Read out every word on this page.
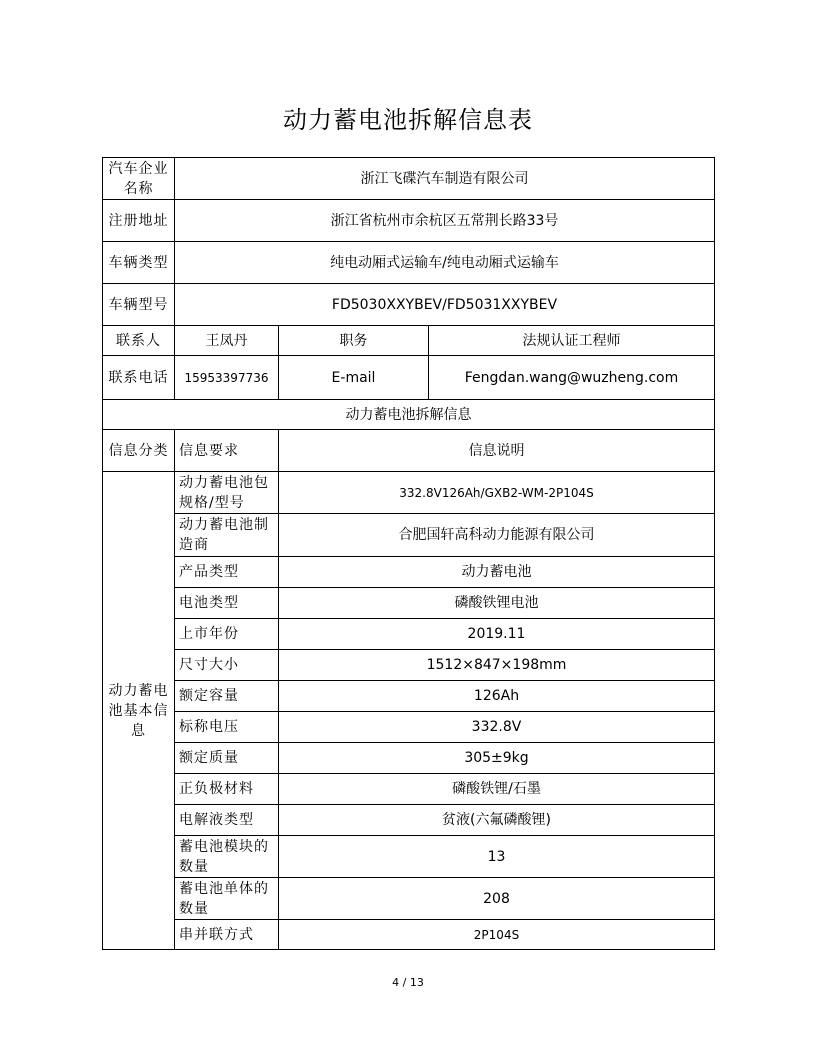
动力蓄电池拆解信息表
汽车企业名称	浙江飞碟汽车制造有限公司		
注册地址	浙江省杭州市余杭区五常荆长路33号		
车辆类型	纯电动厢式运输车/纯电动厢式运输车		
车辆型号	FD5030XXYBEV/FD5031XXYBEV		
联系人	王凤丹	职务	法规认证工程师
联系电话	15953397736	E-mail	Fengdan.wang@wuzheng.com
动力蓄电池拆解信息			
信息分类	信息要求	信息说明	
动力蓄电池基本信息	动力蓄电池包规格/型号	332.8V126Ah/GXB2-WM-2P104S	
	动力蓄电池制造商	合肥国轩高科动力能源有限公司	
	产品类型	动力蓄电池	
	电池类型	磷酸铁锂电池	
	上市年份	2019.11	
	尺寸大小	1512×847×198mm	
	额定容量	126Ah	
	标称电压	332.8V	
	额定质量	305±9kg	
	正负极材料	磷酸铁锂/石墨	
	电解液类型	贫液(六氟磷酸锂)	
	蓄电池模块的数量	13	
	蓄电池单体的数量	208	
	串并联方式	2P104S	
4 / 13
